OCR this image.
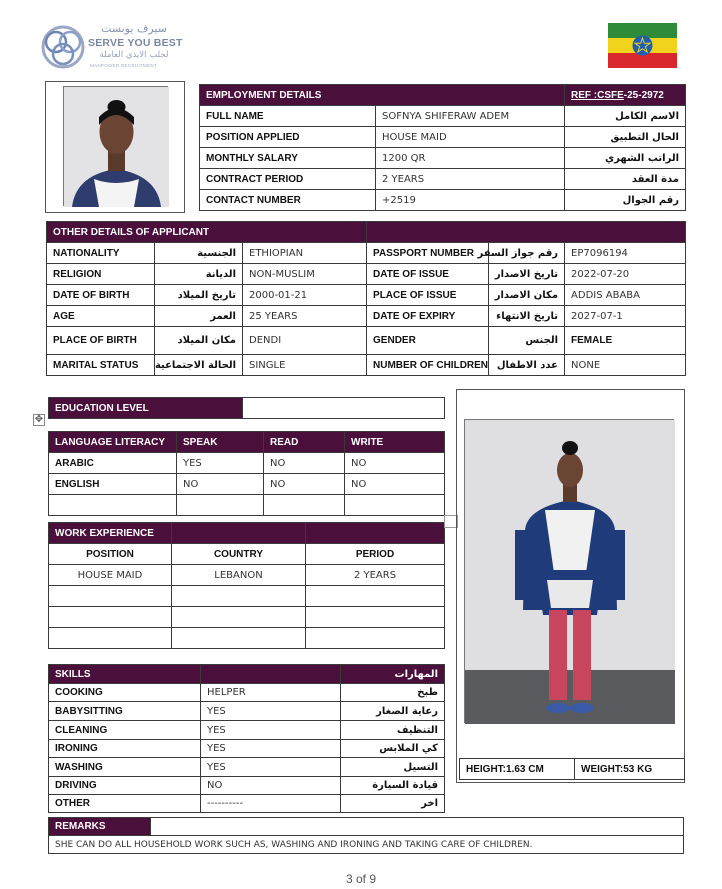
سيرف يوبست
SERVE YOU BEST
لجلب الايدي العاملة
MANPOWER RECRUITMENT
EMPLOYMENT DETAILS		REF :CSFE-25-2972
FULL NAME	SOFNYA SHIFERAW ADEM	الاسم الكامل
POSITION APPLIED	HOUSE MAID	الحال التطبيق
MONTHLY SALARY	1200 QR	الراتب الشهري
CONTRACT PERIOD	2 YEARS	مدة العقد
CONTACT NUMBER	+2519	رقم الجوال
OTHER DETAILS OF APPLICANT					
NATIONALITY	الجنسية	ETHIOPIAN	PASSPORT NUMBER	رقم جواز السفر	EP7096194
RELIGION	الديانة	NON-MUSLIM	DATE OF ISSUE	تاريخ الاصدار	2022-07-20
DATE OF BIRTH	تاريخ الميلاد	2000-01-21	PLACE OF ISSUE	مكان الاصدار	ADDIS ABABA
AGE	العمر	25 YEARS	DATE OF EXPIRY	تاريخ الانتهاء	2027-07-1
PLACE OF BIRTH	مكان الميلاد	DENDI	GENDER	الجنس	FEMALE
MARITAL STATUS	الحالة الاجتماعية	SINGLE	NUMBER OF CHILDREN	عدد الاطفال	NONE
✥
EDUCATION LEVEL	
LANGUAGE LITERACY	SPEAK	READ	WRITE
ARABIC	YES	NO	NO
ENGLISH	NO	NO	NO

WORK EXPERIENCE		
POSITION	COUNTRY	PERIOD
HOUSE MAID	LEBANON	2 YEARS

SKILLS		المهارات
COOKING	HELPER	طبخ
BABYSITTING	YES	رعاية الصغار
CLEANING	YES	التنظيف
IRONING	YES	كي الملابس
WASHING	YES	التسيل
DRIVING	NO	قيادة السيارة
OTHER	----------	اخر
HEIGHT:1.63 CM	WEIGHT:53 KG
REMARKS	
SHE CAN DO ALL HOUSEHOLD WORK SUCH AS, WASHING AND IRONING AND TAKING CARE OF CHILDREN.
3 of 9
